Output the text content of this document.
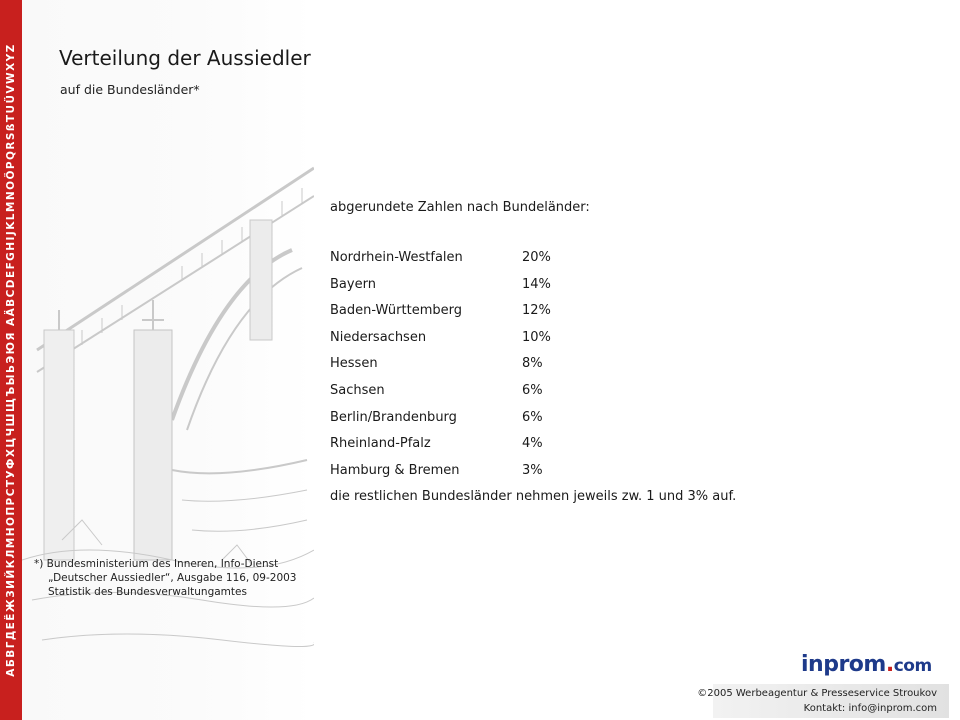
АБВГДЕЁЖЗИЙКЛМНОПРСТУФХЦЧШЩЪЫЬЭЮЯ AÄBCDEFGHIJKLMNOÖPQRSßTUÜVWXYZ Verteilung der Aussiedler
auf die Bundesländer*
abgerundete Zahlen nach Bundeländer:
Nordrhein-Westfalen	20%
Bayern	14%
Baden-Württemberg	12%
Niedersachsen	10%
Hessen	8%
Sachsen	6%
Berlin/Brandenburg	6%
Rheinland-Pfalz	4%
Hamburg & Bremen	3%
die restlichen Bundesländer nehmen jeweils zw. 1 und 3% auf.
*) Bundesministerium des Inneren, Info-Dienst
„Deutscher Aussiedler“, Ausgabe 116, 09-2003
Statistik des Bundesverwaltungamtes
inprom.com
©2005 Werbeagentur & Presseservice Stroukov
Kontakt: info@inprom.com
